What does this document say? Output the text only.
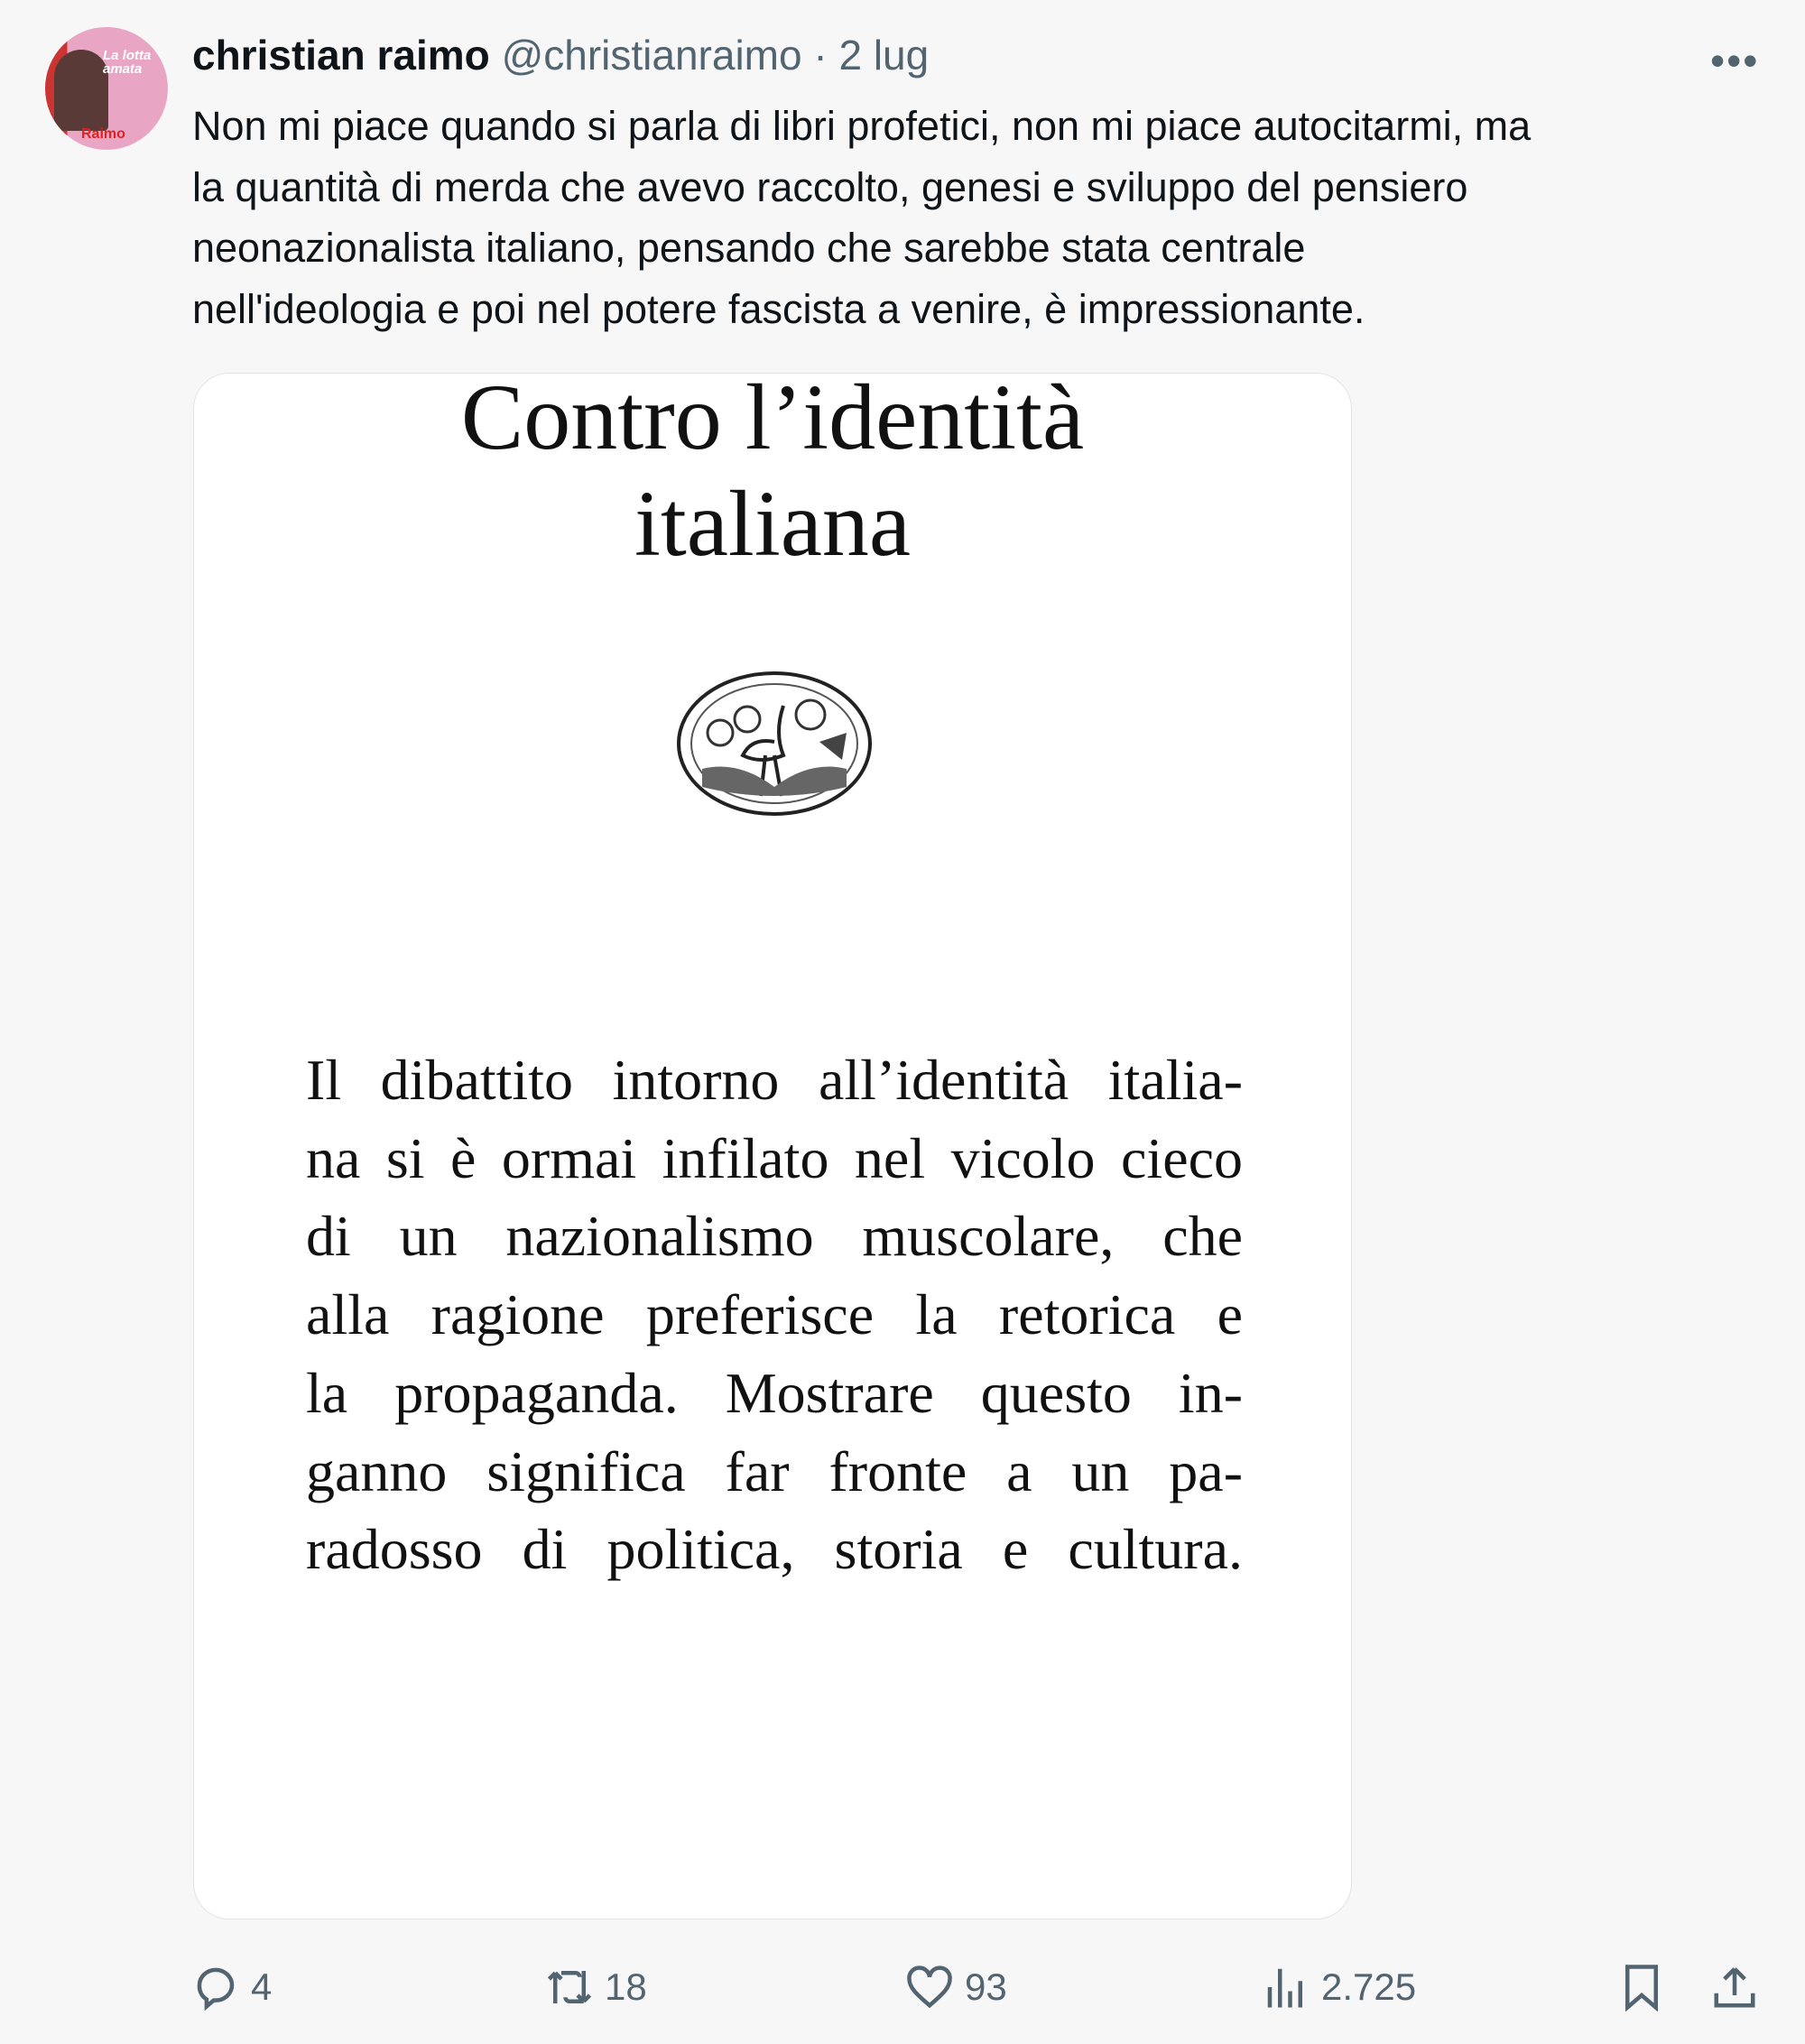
La lotta amata
Raimo
christian raimo @christianraimo · 2 lug	•••
Non mi piace quando si parla di libri profetici, non mi piace autocitarmi, ma
la quantità di merda che avevo raccolto, genesi e sviluppo del pensiero
neonazionalista italiano, pensando che sarebbe stata centrale
nell'ideologia e poi nel potere fascista a venire, è impressionante.
Contro l’identità
italiana
Il dibattito intorno all’identità italia-
na si è ormai infilato nel vicolo cieco
di un nazionalismo muscolare, che
alla ragione preferisce la retorica e
la propaganda. Mostrare questo in-
ganno significa far fronte a un pa-
radosso di politica, storia e cultura.
4	18	93	2.725
